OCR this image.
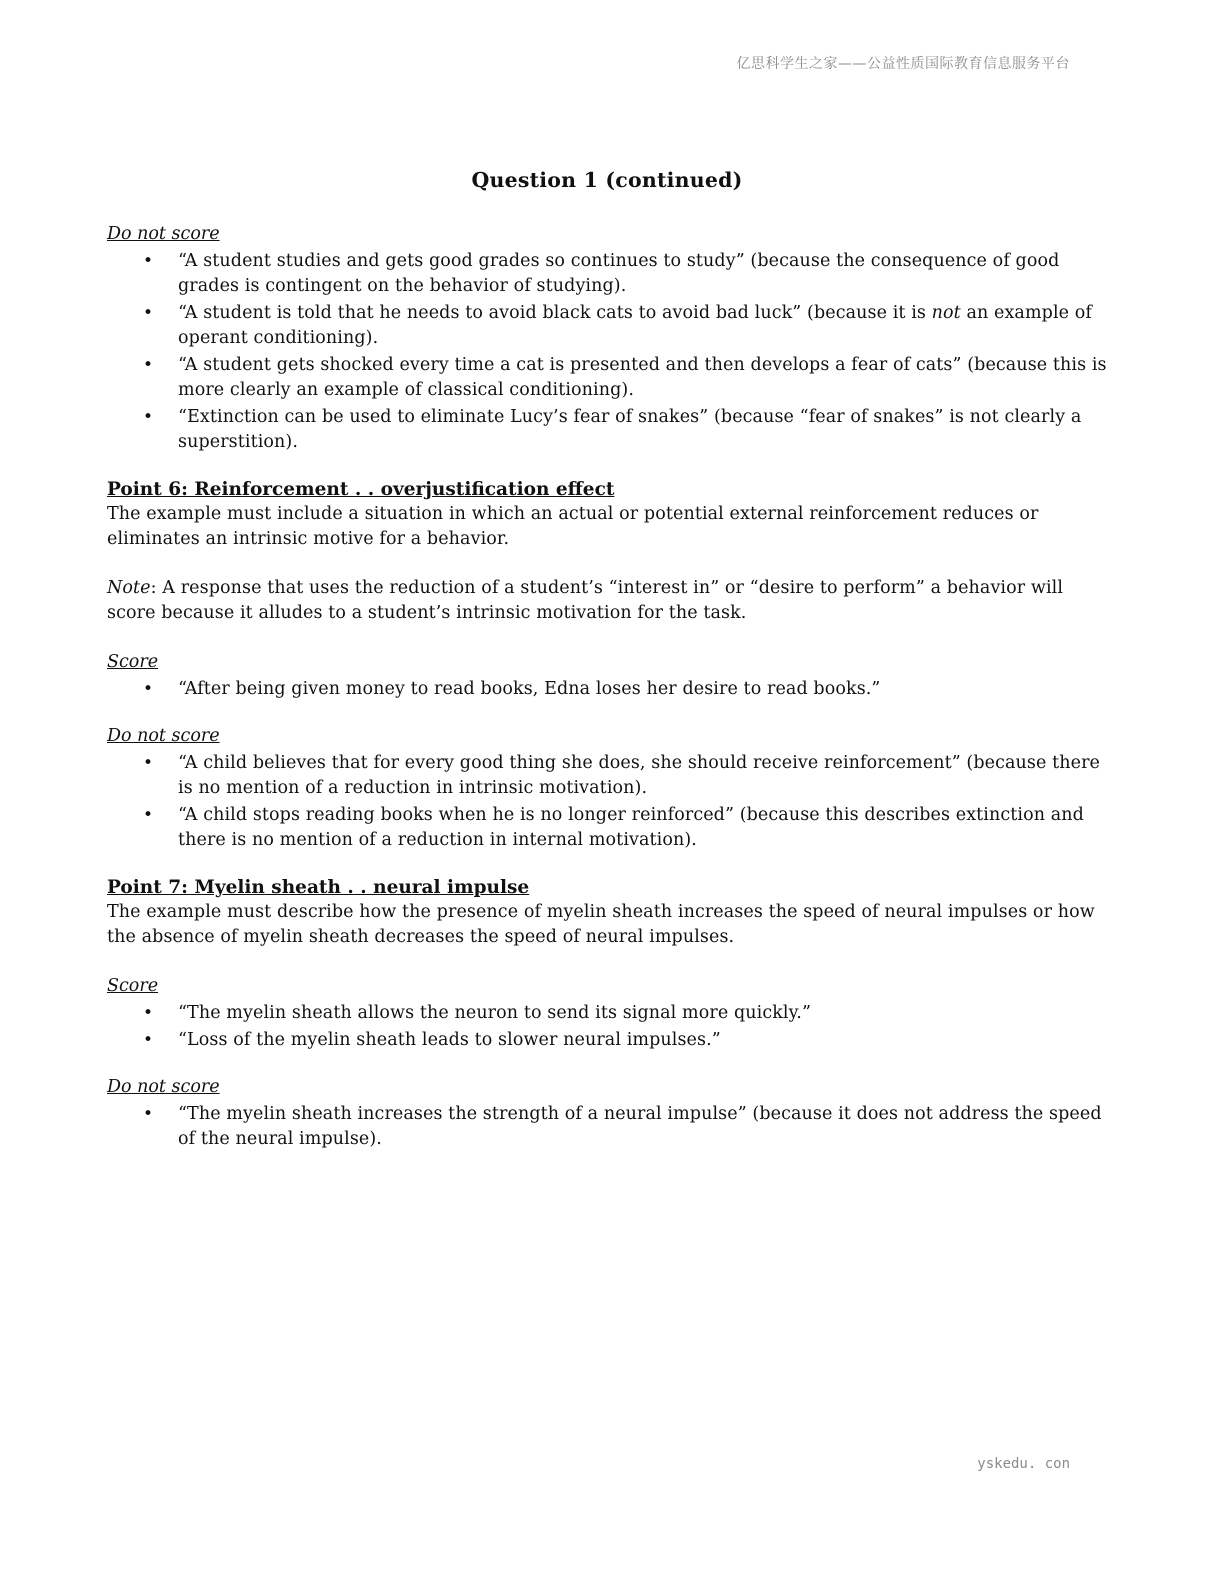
亿思科学生之家——公益性质国际教育信息服务平台
Question 1 (continued)
Do not score
• “A student studies and gets good grades so continues to study” (because the consequence of good grades is contingent on the behavior of studying).
• “A student is told that he needs to avoid black cats to avoid bad luck” (because it is not an example of operant conditioning).
• “A student gets shocked every time a cat is presented and then develops a fear of cats” (because this is more clearly an example of classical conditioning).
• “Extinction can be used to eliminate Lucy’s fear of snakes” (because “fear of snakes” is not clearly a superstition).
Point 6: Reinforcement . . overjustification effect

The example must include a situation in which an actual or potential external reinforcement reduces or eliminates an intrinsic motive for a behavior.

Note: A response that uses the reduction of a student’s “interest in” or “desire to perform” a behavior will score because it alludes to a student’s intrinsic motivation for the task.

Score
• “After being given money to read books, Edna loses her desire to read books.”
Do not score
• “A child believes that for every good thing she does, she should receive reinforcement” (because there is no mention of a reduction in intrinsic motivation).
• “A child stops reading books when he is no longer reinforced” (because this describes extinction and there is no mention of a reduction in internal motivation).
Point 7: Myelin sheath . . neural impulse

The example must describe how the presence of myelin sheath increases the speed of neural impulses or how the absence of myelin sheath decreases the speed of neural impulses.

Score
• “The myelin sheath allows the neuron to send its signal more quickly.”
• “Loss of the myelin sheath leads to slower neural impulses.”
Do not score
• “The myelin sheath increases the strength of a neural impulse” (because it does not address the speed of the neural impulse).
yskedu. con
